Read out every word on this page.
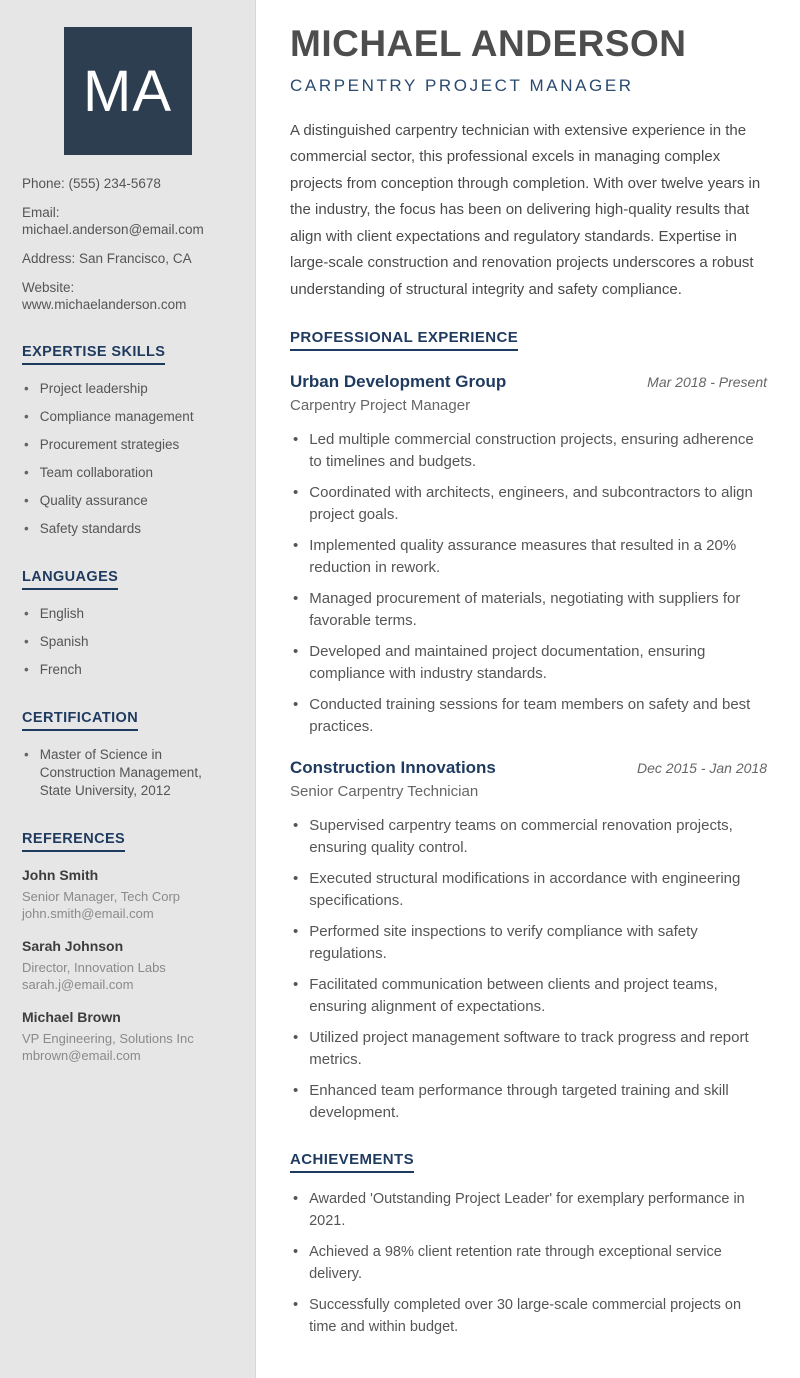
MA
Phone: (555) 234-5678
Email: michael.anderson@email.com
Address: San Francisco, CA
Website: www.michaelanderson.com
EXPERTISE SKILLS
• Project leadership
• Compliance management
• Procurement strategies
• Team collaboration
• Quality assurance
• Safety standards
LANGUAGES
• English
• Spanish
• French
CERTIFICATION
• Master of Science in Construction Management, State University, 2012
REFERENCES
John Smith
Senior Manager, Tech Corp
john.smith@email.com
Sarah Johnson
Director, Innovation Labs
sarah.j@email.com
Michael Brown
VP Engineering, Solutions Inc
mbrown@email.com
MICHAEL ANDERSON
CARPENTRY PROJECT MANAGER

A distinguished carpentry technician with extensive experience in the commercial sector, this professional excels in managing complex projects from conception through completion. With over twelve years in the industry, the focus has been on delivering high-quality results that align with client expectations and regulatory standards. Expertise in large-scale construction and renovation projects underscores a robust understanding of structural integrity and safety compliance.

PROFESSIONAL EXPERIENCE
Urban Development Group	Mar 2018 - Present
Carpentry Project Manager
• Led multiple commercial construction projects, ensuring adherence to timelines and budgets.
• Coordinated with architects, engineers, and subcontractors to align project goals.
• Implemented quality assurance measures that resulted in a 20% reduction in rework.
• Managed procurement of materials, negotiating with suppliers for favorable terms.
• Developed and maintained project documentation, ensuring compliance with industry standards.
• Conducted training sessions for team members on safety and best practices.
Construction Innovations	Dec 2015 - Jan 2018
Senior Carpentry Technician
• Supervised carpentry teams on commercial renovation projects, ensuring quality control.
• Executed structural modifications in accordance with engineering specifications.
• Performed site inspections to verify compliance with safety regulations.
• Facilitated communication between clients and project teams, ensuring alignment of expectations.
• Utilized project management software to track progress and report metrics.
• Enhanced team performance through targeted training and skill development.
ACHIEVEMENTS
• Awarded 'Outstanding Project Leader' for exemplary performance in 2021.
• Achieved a 98% client retention rate through exceptional service delivery.
• Successfully completed over 30 large-scale commercial projects on time and within budget.
